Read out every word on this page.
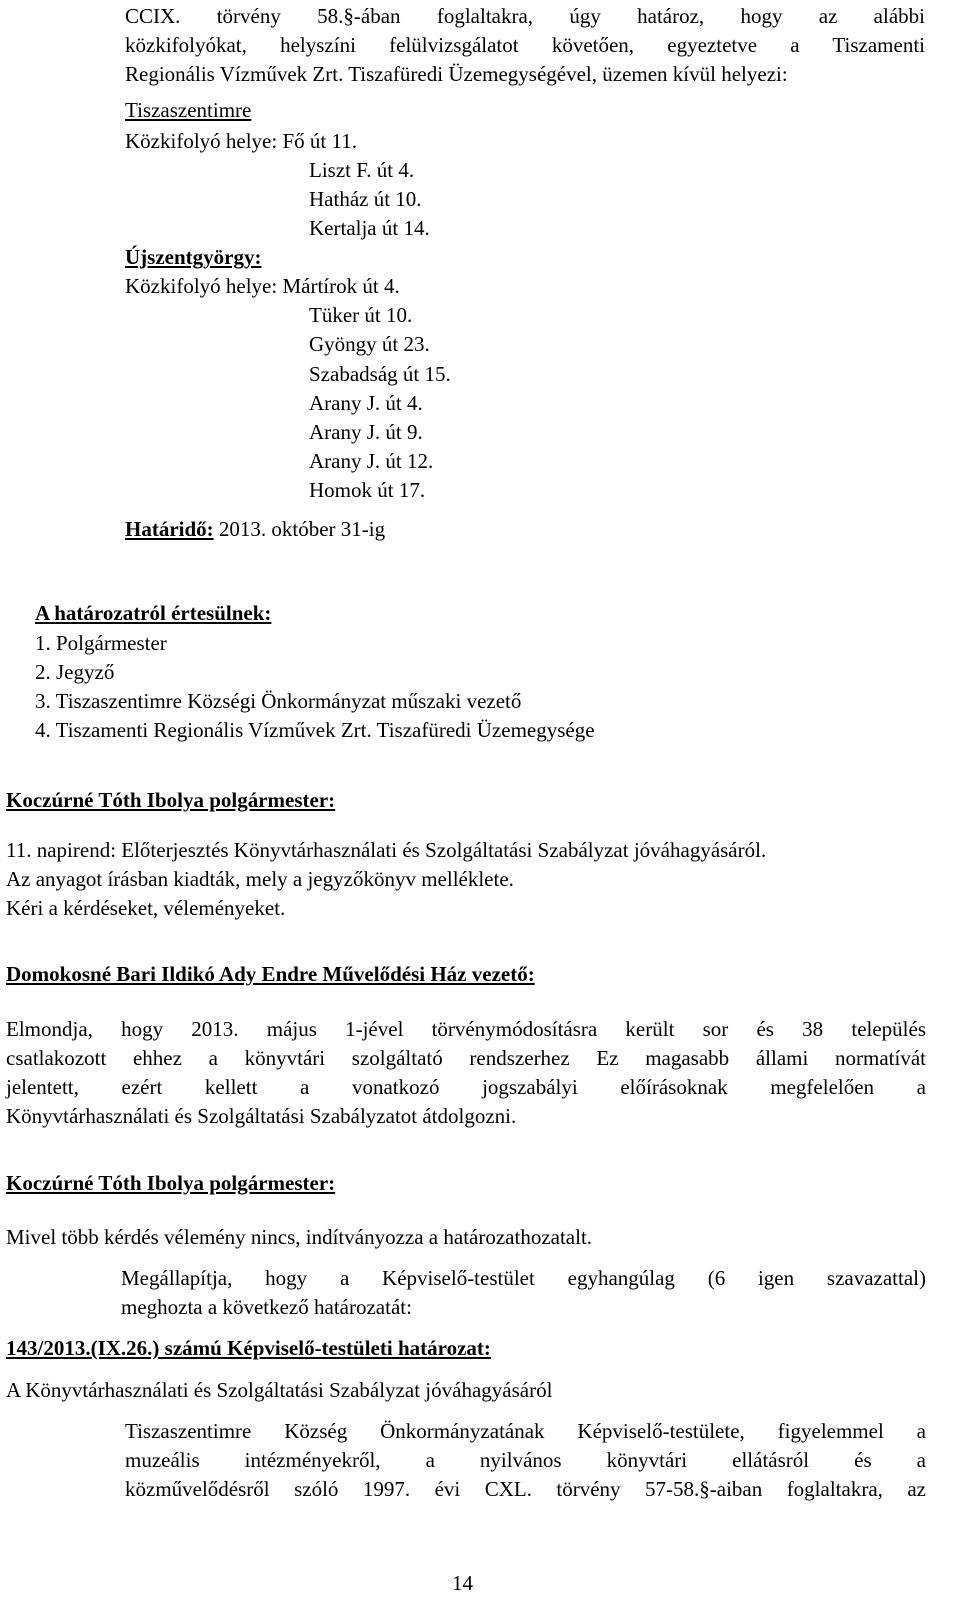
CCIX. törvény 58.§-ában foglaltakra, úgy határoz, hogy az alábbi
közkifolyókat, helyszíni felülvizsgálatot követően, egyeztetve a Tiszamenti
Regionális Vízművek Zrt. Tiszafüredi Üzemegységével, üzemen kívül helyezi:
Tiszaszentimre
Közkifolyó helye: Fő út 11.
Liszt F. út 4.
Hatház út 10.
Kertalja út 14.
Újszentgyörgy:
Közkifolyó helye: Mártírok út 4.
Tüker út 10.
Gyöngy út 23.
Szabadság út 15.
Arany J. út 4.
Arany J. út 9.
Arany J. út 12.
Homok út 17.
Határidő: 2013. október 31-ig
A határozatról értesülnek:
1. Polgármester
2. Jegyző
3. Tiszaszentimre Községi Önkormányzat műszaki vezető
4. Tiszamenti Regionális Vízművek Zrt. Tiszafüredi Üzemegysége
Koczúrné Tóth Ibolya polgármester:
11. napirend: Előterjesztés Könyvtárhasználati és Szolgáltatási Szabályzat jóváhagyásáról.
Az anyagot írásban kiadták, mely a jegyzőkönyv melléklete.
Kéri a kérdéseket, véleményeket.
Domokosné Bari Ildikó Ady Endre Művelődési Ház vezető:
Elmondja, hogy 2013. május 1-jével törvénymódosításra került sor és 38 település
csatlakozott ehhez a könyvtári szolgáltató rendszerhez Ez magasabb állami normatívát
jelentett, ezért kellett a vonatkozó jogszabályi előírásoknak megfelelően a
Könyvtárhasználati és Szolgáltatási Szabályzatot átdolgozni.
Koczúrné Tóth Ibolya polgármester:
Mivel több kérdés vélemény nincs, indítványozza a határozathozatalt.
Megállapítja, hogy a Képviselő-testület egyhangúlag (6 igen szavazattal)
meghozta a következő határozatát:
143/2013.(IX.26.) számú Képviselő-testületi határozat:
A Könyvtárhasználati és Szolgáltatási Szabályzat jóváhagyásáról
Tiszaszentimre Község Önkormányzatának Képviselő-testülete, figyelemmel a
muzeális intézményekről, a nyilvános könyvtári ellátásról és a
közművelődésről szóló 1997. évi CXL. törvény 57-58.§-aiban foglaltakra, az
14
